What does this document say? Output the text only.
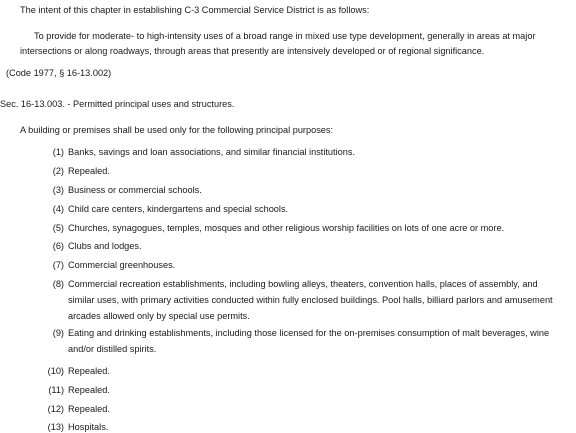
The intent of this chapter in establishing C-3 Commercial Service District is as follows:
To provide for moderate- to high-intensity uses of a broad range in mixed use type development, generally in areas at major
intersections or along roadways, through areas that presently are intensively developed or of regional significance.
(Code 1977, § 16-13.002)
Sec. 16-13.003. - Permitted principal uses and structures.
A building or premises shall be used only for the following principal purposes:
(1) Banks, savings and loan associations, and similar financial institutions.
(2) Repealed.
(3) Business or commercial schools.
(4) Child care centers, kindergartens and special schools.
(5) Churches, synagogues, temples, mosques and other religious worship facilities on lots of one acre or more.
(6) Clubs and lodges.
(7) Commercial greenhouses.
(8) Commercial recreation establishments, including bowling alleys, theaters, convention halls, places of assembly, and
similar uses, with primary activities conducted within fully enclosed buildings. Pool halls, billiard parlors and amusement
arcades allowed only by special use permits.
(9) Eating and drinking establishments, including those licensed for the on-premises consumption of malt beverages, wine
and/or distilled spirits.
(10) Repealed.
(11) Repealed.
(12) Repealed.
(13) Hospitals.
